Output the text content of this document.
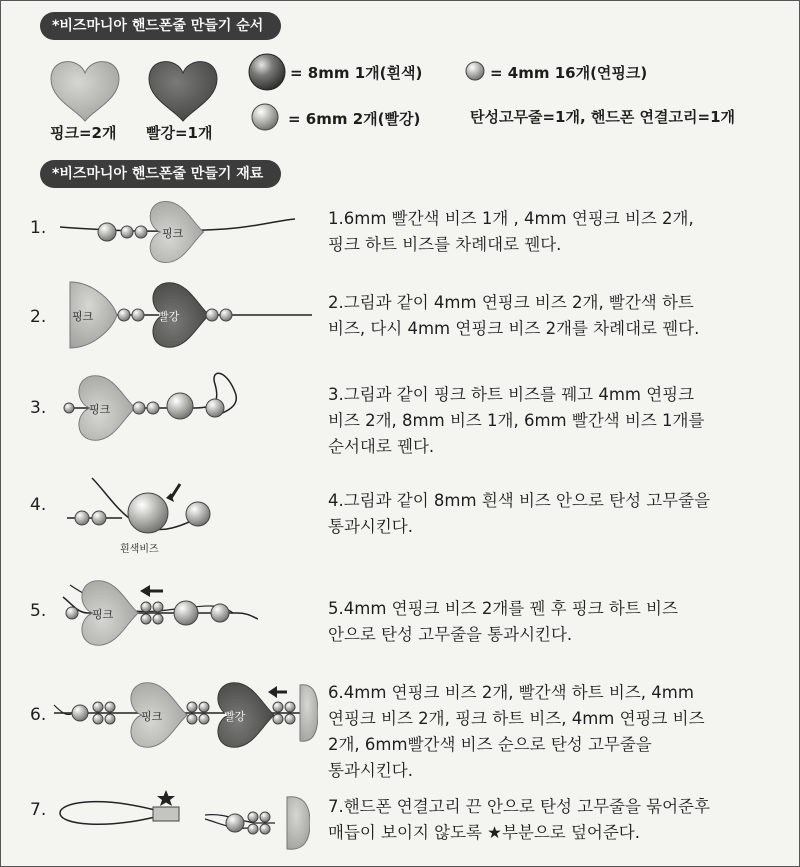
*비즈마니아 핸드폰줄 만들기 순서
핑크=2개 빨강=1개
= 8mm 1개(흰색)	= 4mm 16개(연핑크)
= 6mm 2개(빨강)	탄성고무줄=1개, 핸드폰 연결고리=1개
*비즈마니아 핸드폰줄 만들기 재료
1.	핑크
1.6mm 빨간색 비즈 1개 , 4mm 연핑크 비즈 2개,
핑크 하트 비즈를 차례대로 꿴다.
2. 핑크	빨강
2.그림과 같이 4mm 연핑크 비즈 2개, 빨간색 하트
비즈, 다시 4mm 연핑크 비즈 2개를 차례대로 꿴다.
3.	핑크
3.그림과 같이 핑크 하트 비즈를 꿰고 4mm 연핑크
비즈 2개, 8mm 비즈 1개, 6mm 빨간색 비즈 1개를
순서대로 꿴다.
4.
흰색비즈
4.그림과 같이 8mm 흰색 비즈 안으로 탄성 고무줄을
통과시킨다.
5.	핑크	5.4mm 연핑크 비즈 2개를 꿴 후 핑크 하트 비즈
안으로 탄성 고무줄을 통과시킨다.
6.	핑크	빨강
6.4mm 연핑크 비즈 2개, 빨간색 하트 비즈, 4mm
연핑크 비즈 2개, 핑크 하트 비즈, 4mm 연핑크 비즈
2개, 6mm빨간색 비즈 순으로 탄성 고무줄을
통과시킨다.
7.	7.핸드폰 연결고리 끈 안으로 탄성 고무줄을 묶어준후
매듭이 보이지 않도록 ★부분으로 덮어준다.
